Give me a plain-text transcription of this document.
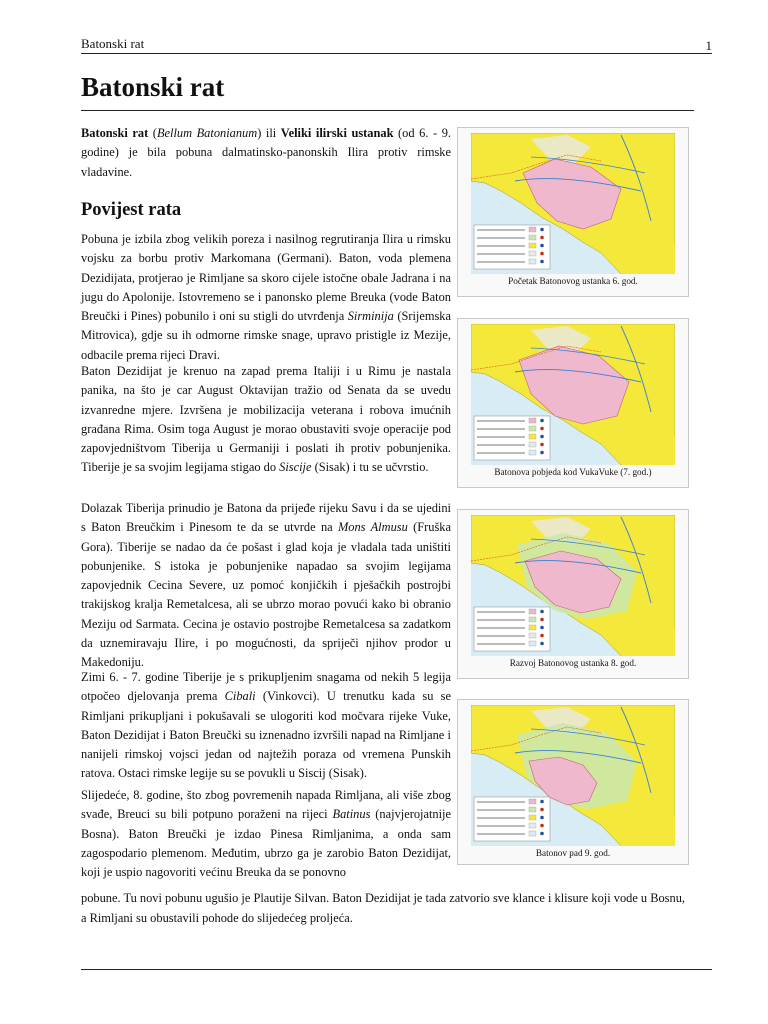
Batonski rat	1
Batonski rat

Batonski rat (Bellum Batonianum) ili Veliki ilirski ustanak (od 6. - 9. godine) je bila pobuna dalmatinsko-panonskih Ilira protiv rimske vladavine.

Povijest rata

Pobuna je izbila zbog velikih poreza i nasilnog regrutiranja Ilira u rimsku vojsku za borbu protiv Markomana (Germani). Baton, voda plemena Dezidijata, protjerao je Rimljane sa skoro cijele istočne obale Jadrana i na jugu do Apolonije. Istovremeno se i panonsko pleme Breuka (vode Baton Breučki i Pines) pobunilo i oni su stigli do utvrđenja Sirminija (Srijemska Mitrovica), gdje su ih odmorne rimske snage, upravo pristigle iz Mezije, odbacile prema rijeci Dravi.

Baton Dezidijat je krenuo na zapad prema Italiji i u Rimu je nastala panika, na što je car August Oktavijan tražio od Senata da se uvedu izvanredne mjere. Izvršena je mobilizacija veterana i robova imućnih građana Rima. Osim toga August je morao obustaviti svoje operacije pod zapovjedništvom Tiberija u Germaniji i poslati ih protiv pobunjenika. Tiberije je sa svojim legijama stigao do Siscije (Sisak) i tu se učvrstio.

Dolazak Tiberija prinudio je Batona da prijeđe rijeku Savu i da se ujedini s Baton Breučkim i Pinesom te da se utvrde na Mons Almusu (Fruška Gora). Tiberije se nadao da će pošast i glad koja je vladala tada uništiti pobunjenike. S istoka je pobunjenike napadao sa svojim legijama zapovjednik Cecina Severe, uz pomoć konjičkih i pješačkih postrojbi trakijskog kralja Remetalcesa, ali se ubrzo morao povući kako bi obranio Meziju od Sarmata. Cecina je ostavio postrojbe Remetalcesa sa zadatkom da uznemiravaju Ilire, i po mogućnosti, da spriječi njihov prodor u Makedoniju.

Zimi 6. - 7. godine Tiberije je s prikupljenim snagama od nekih 5 legija otpočeo djelovanja prema Cibali (Vinkovci). U trenutku kada su se Rimljani prikupljani i pokušavali se ulogoriti kod močvara rijeke Vuke, Baton Dezidijat i Baton Breučki su iznenadno izvršili napad na Rimljane i nanijeli rimskoj vojsci jedan od najtežih poraza od vremena Punskih ratova. Ostaci rimske legije su se povukli u Siscij (Sisak).

Slijedeće, 8. godine, što zbog povremenih napada Rimljana, ali više zbog svađe, Breuci su bili potpuno poraženi na rijeci Batinus (najvjerojatnije Bosna). Baton Breučki je izdao Pinesa Rimljanima, a onda sam zagospodario plemenom. Međutim, ubrzo ga je zarobio Baton Dezidijat, koji je uspio nagovoriti većinu Breuka da se ponovno

pobune. Tu novi pobunu ugušio je Plautije Silvan. Baton Dezidijat je tada zatvorio sve klance i klisure koji vode u Bosnu, a Rimljani su obustavili pohode do slijedećeg proljeća.

Početak Batonovog ustanka 6. god.
Batonova pobjeda kod VukaVuke (7. god.)
Razvoj Batonovog ustanka 8. god.
Batonov pad 9. god.
